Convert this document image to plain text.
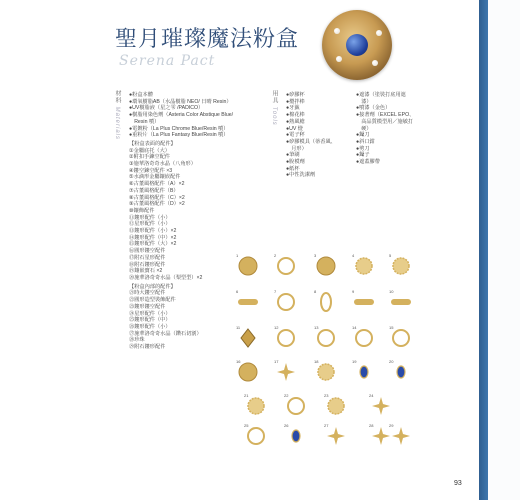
聖月璀璨魔法粉盒
Serena Pact
材料 Materials
●粉盒本體
●環氧樹脂AB（水晶樹脂 NEO/ 日晴 Resin）
●UV樹脂液（星之雫 /PADICO）
●樹脂用染色劑（Asteria Color Abstique Blue/
　Resin 噴）
●電鍍粉（La Plus Chrome Blue/Resin 噴）
●重粉片（La Plus Fantasy Blue/Resin 噴）
【粉盒表面的配件】
①金屬底托（大）
②附扣手鍊空配件
③施華洛奇奇水晶（八角形）
④鏤空鍊空配件 ×3
⑤水滴形金屬鑲嵌配件
⑥古董風格配件（A）×2
⑦古董風格配件（B）
⑧古董風格配件（C）×2
⑨古董風格配件（D）×2
⑩鑲飾配件
⑪鏤形配件（小）
⑫星形配件（小）
⑬鏤形配件（小）×2
⑭鏤形配件（中）×2
⑮鏤形配件（大）×2
⑯圓形鏤空配件
⑰附石星形配件
⑱附石鏤形配件
⑲鑲嵌寶石 ×2
⑳施華洛奇奇水晶（梨型型）×2
【粉盒內部的配件】
㉑時大鏤空配件
㉒圓形造型裝飾配件
㉓鏤形鏤空配件
㉔星形配件（小）
㉕鏤形配件（中）
㉖鏤形配件（小）
㉗施華洛奇奇水晶（鑽石切割）
㉘珍珠
㉙附石鏤形配件
用具 Tools
●矽膠杯
●攪拌棒
●牙籤
●棉花棒
●熱風槍
●UV 燈
●電子秤
●矽膠模具（蒂香風、
　月形）
●筆刷
●脫模劑
●紙杯
●中性洗潔劑
●遮漆（塗裝打底用遮
　漆）
●噴漆（金色）
●接著劑（EXCEL EPO、
　高品質模型用／施敏打
　硬）
●鑷刀
●斜口鉗
●剪刀
●鑷子
●遮蓋膠帶
1	2	3	4	5
6	7	8	9	10
11	12	13	14	15
16	17	18	19	20
21	22	23	24
25	26	27	28	29
93
